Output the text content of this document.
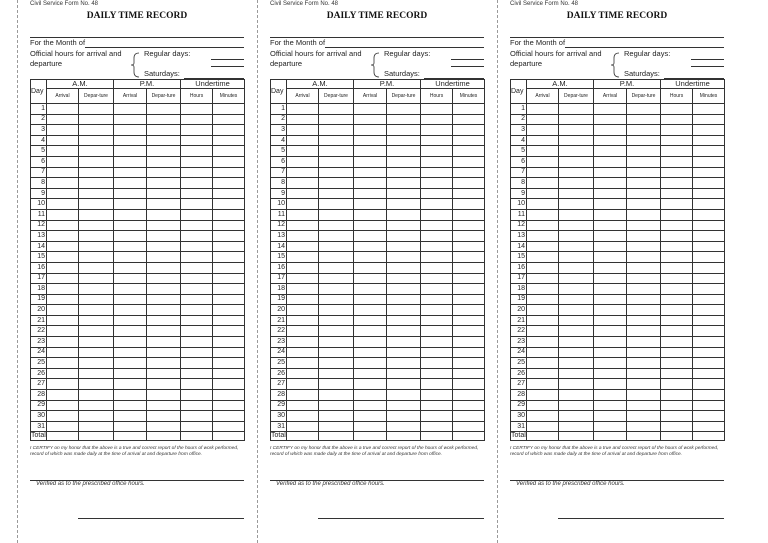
Civil Service Form No. 48
DAILY TIME RECORD
For the Month of
Official hours for arrival and departure
Regular days:
Saturdays:
Day	A.M.		P.M.		Undertime	
	Arrival	Depar-ture	Arrival	Depar-ture	Hours	Minutes
1						
2						
3						
4						
5						
6						
7						
8						
9						
10						
11						
12						
13						
14						
15						
16						
17						
18						
19						
20						
21						
22						
23						
24						
25						
26						
27						
28						
29						
30						
31						
Total						
I CERTIFY on my honor that the above is a true and correct report of the hours of work performed, record of which was made daily at the time of arrival at and departure from office.
Verified as to the prescribed office hours.
Civil Service Form No. 48
DAILY TIME RECORD
For the Month of
Official hours for arrival and departure
Regular days:
Saturdays:
Day	A.M.		P.M.		Undertime	
	Arrival	Depar-ture	Arrival	Depar-ture	Hours	Minutes
1						
2						
3						
4						
5						
6						
7						
8						
9						
10						
11						
12						
13						
14						
15						
16						
17						
18						
19						
20						
21						
22						
23						
24						
25						
26						
27						
28						
29						
30						
31						
Total						
I CERTIFY on my honor that the above is a true and correct report of the hours of work performed, record of which was made daily at the time of arrival at and departure from office.
Verified as to the prescribed office hours.
Civil Service Form No. 48
DAILY TIME RECORD
For the Month of
Official hours for arrival and departure
Regular days:
Saturdays:
Day	A.M.		P.M.		Undertime	
	Arrival	Depar-ture	Arrival	Depar-ture	Hours	Minutes
1						
2						
3						
4						
5						
6						
7						
8						
9						
10						
11						
12						
13						
14						
15						
16						
17						
18						
19						
20						
21						
22						
23						
24						
25						
26						
27						
28						
29						
30						
31						
Total						
I CERTIFY on my honor that the above is a true and correct report of the hours of work performed, record of which was made daily at the time of arrival at and departure from office.
Verified as to the prescribed office hours.
